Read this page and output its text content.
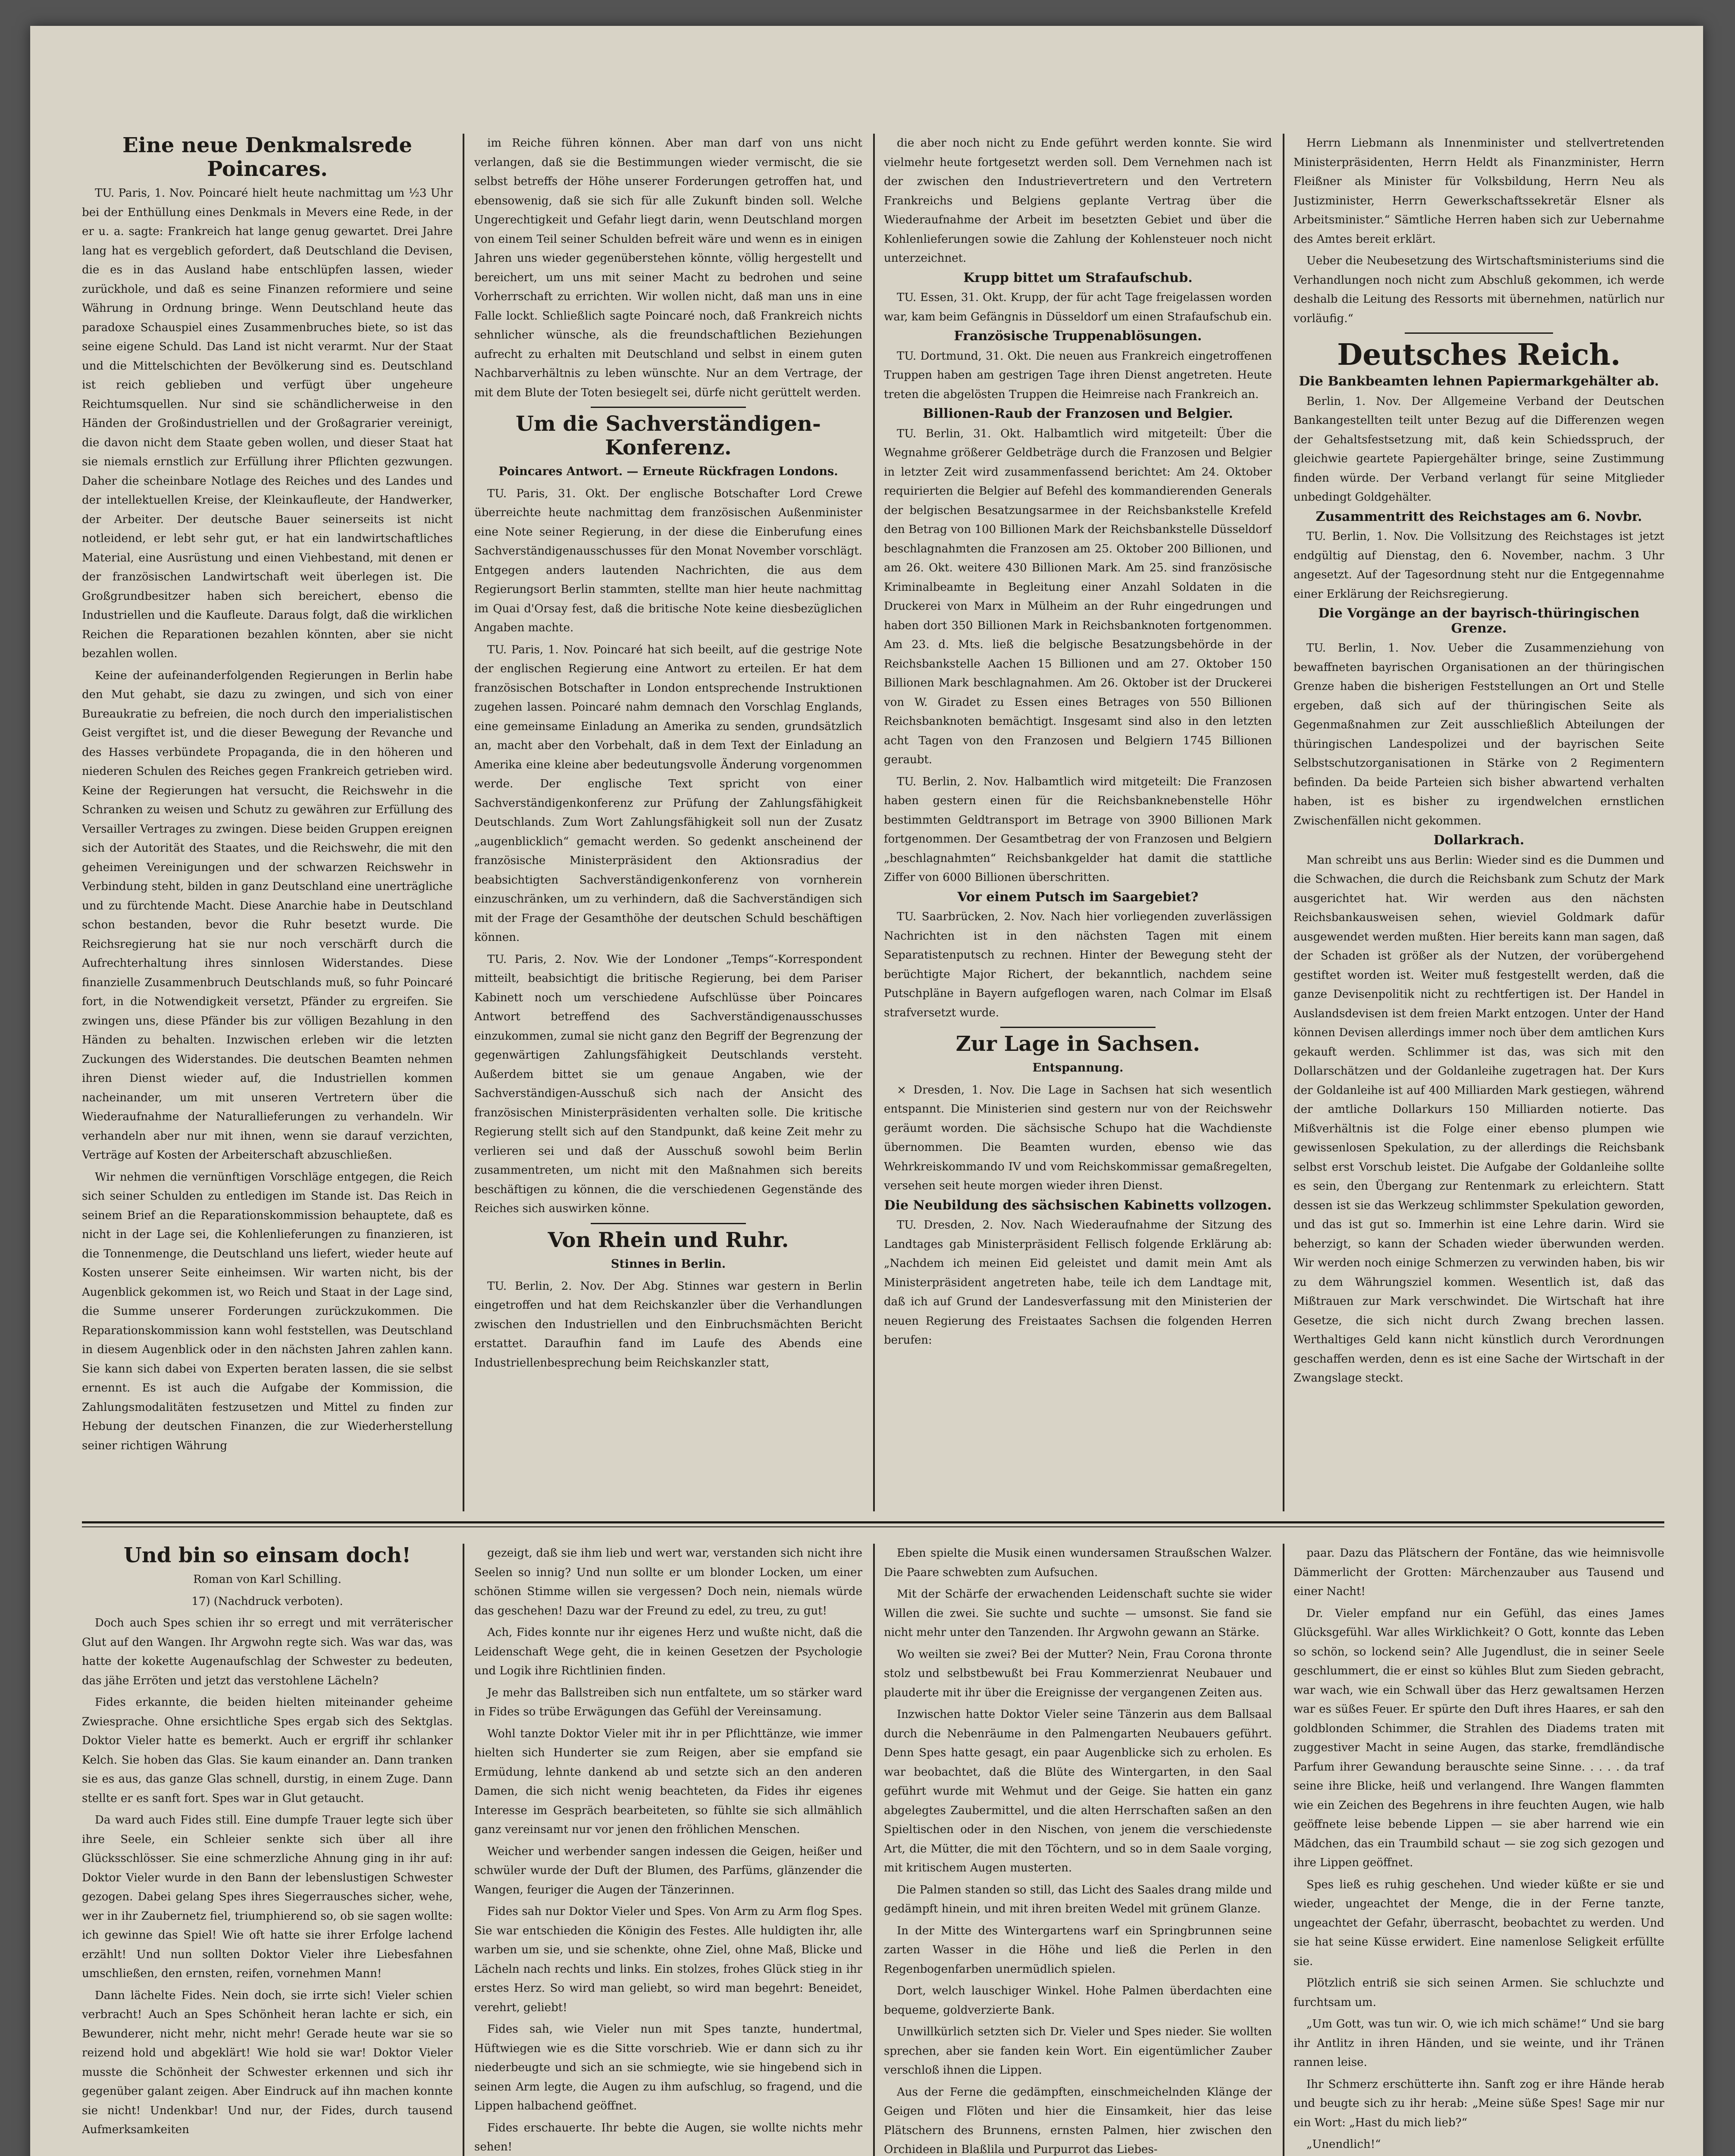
Eine neue Denkmalsrede Poincares.

TU. Paris, 1. Nov. Poincaré hielt heute nachmittag um ½3 Uhr bei der Enthüllung eines Denkmals in Mevers eine Rede, in der er u. a. sagte: Frankreich hat lange genug gewartet. Drei Jahre lang hat es vergeblich gefordert, daß Deutschland die Devisen, die es in das Ausland habe entschlüpfen lassen, wieder zurückhole, und daß es seine Finanzen reformiere und seine Währung in Ordnung bringe. Wenn Deutschland heute das paradoxe Schauspiel eines Zusammenbruches biete, so ist das seine eigene Schuld. Das Land ist nicht verarmt. Nur der Staat und die Mittelschichten der Bevölkerung sind es. Deutschland ist reich geblieben und verfügt über ungeheure Reichtumsquellen. Nur sind sie schändlicherweise in den Händen der Großindustriellen und der Großagrarier vereinigt, die davon nicht dem Staate geben wollen, und dieser Staat hat sie niemals ernstlich zur Erfüllung ihrer Pflichten gezwungen. Daher die scheinbare Notlage des Reiches und des Landes und der intellektuellen Kreise, der Kleinkaufleute, der Handwerker, der Arbeiter. Der deutsche Bauer seinerseits ist nicht notleidend, er lebt sehr gut, er hat ein landwirtschaftliches Material, eine Ausrüstung und einen Viehbestand, mit denen er der französischen Landwirtschaft weit überlegen ist. Die Großgrundbesitzer haben sich bereichert, ebenso die Industriellen und die Kaufleute. Daraus folgt, daß die wirklichen Reichen die Reparationen bezahlen könnten, aber sie nicht bezahlen wollen.

Keine der aufeinanderfolgenden Regierungen in Berlin habe den Mut gehabt, sie dazu zu zwingen, und sich von einer Bureaukratie zu befreien, die noch durch den imperialistischen Geist vergiftet ist, und die dieser Bewegung der Revanche und des Hasses verbündete Propaganda, die in den höheren und niederen Schulen des Reiches gegen Frankreich getrieben wird. Keine der Regierungen hat versucht, die Reichswehr in die Schranken zu weisen und Schutz zu gewähren zur Erfüllung des Versailler Vertrages zu zwingen. Diese beiden Gruppen ereignen sich der Autorität des Staates, und die Reichswehr, die mit den geheimen Vereinigungen und der schwarzen Reichswehr in Verbindung steht, bilden in ganz Deutschland eine unerträgliche und zu fürchtende Macht. Diese Anarchie habe in Deutschland schon bestanden, bevor die Ruhr besetzt wurde. Die Reichsregierung hat sie nur noch verschärft durch die Aufrechterhaltung ihres sinnlosen Widerstandes. Diese finanzielle Zusammenbruch Deutschlands muß, so fuhr Poincaré fort, in die Notwendigkeit versetzt, Pfänder zu ergreifen. Sie zwingen uns, diese Pfänder bis zur völligen Bezahlung in den Händen zu behalten. Inzwischen erleben wir die letzten Zuckungen des Widerstandes. Die deutschen Beamten nehmen ihren Dienst wieder auf, die Industriellen kommen nacheinander, um mit unseren Vertretern über die Wiederaufnahme der Naturallieferungen zu verhandeln. Wir verhandeln aber nur mit ihnen, wenn sie darauf verzichten, Verträge auf Kosten der Arbeiterschaft abzuschließen.

Wir nehmen die vernünftigen Vorschläge entgegen, die Reich sich seiner Schulden zu entledigen im Stande ist. Das Reich in seinem Brief an die Reparationskommission behauptete, daß es nicht in der Lage sei, die Kohlenlieferungen zu finanzieren, ist die Tonnenmenge, die Deutschland uns liefert, wieder heute auf Kosten unserer Seite einheimsen. Wir warten nicht, bis der Augenblick gekommen ist, wo Reich und Staat in der Lage sind, die Summe unserer Forderungen zurückzukommen. Die Reparationskommission kann wohl feststellen, was Deutschland in diesem Augenblick oder in den nächsten Jahren zahlen kann. Sie kann sich dabei von Experten beraten lassen, die sie selbst ernennt. Es ist auch die Aufgabe der Kommission, die Zahlungsmodalitäten festzusetzen und Mittel zu finden zur Hebung der deutschen Finanzen, die zur Wiederherstellung seiner richtigen Währung

im Reiche führen können. Aber man darf von uns nicht verlangen, daß sie die Bestimmungen wieder vermischt, die sie selbst betreffs der Höhe unserer Forderungen getroffen hat, und ebensowenig, daß sie sich für alle Zukunft binden soll. Welche Ungerechtigkeit und Gefahr liegt darin, wenn Deutschland morgen von einem Teil seiner Schulden befreit wäre und wenn es in einigen Jahren uns wieder gegenüberstehen könnte, völlig hergestellt und bereichert, um uns mit seiner Macht zu bedrohen und seine Vorherrschaft zu errichten. Wir wollen nicht, daß man uns in eine Falle lockt. Schließlich sagte Poincaré noch, daß Frankreich nichts sehnlicher wünsche, als die freundschaftlichen Beziehungen aufrecht zu erhalten mit Deutschland und selbst in einem guten Nachbarverhältnis zu leben wünschte. Nur an dem Vertrage, der mit dem Blute der Toten besiegelt sei, dürfe nicht gerüttelt werden.

Um die Sachverständigen-Konferenz.

Poincares Antwort. — Erneute Rückfragen Londons.

TU. Paris, 31. Okt. Der englische Botschafter Lord Crewe überreichte heute nachmittag dem französischen Außenminister eine Note seiner Regierung, in der diese die Einberufung eines Sachverständigenausschusses für den Monat November vorschlägt. Entgegen anders lautenden Nachrichten, die aus dem Regierungsort Berlin stammten, stellte man hier heute nachmittag im Quai d'Orsay fest, daß die britische Note keine diesbezüglichen Angaben machte.

TU. Paris, 1. Nov. Poincaré hat sich beeilt, auf die gestrige Note der englischen Regierung eine Antwort zu erteilen. Er hat dem französischen Botschafter in London entsprechende Instruktionen zugehen lassen. Poincaré nahm demnach den Vorschlag Englands, eine gemeinsame Einladung an Amerika zu senden, grundsätzlich an, macht aber den Vorbehalt, daß in dem Text der Einladung an Amerika eine kleine aber bedeutungsvolle Änderung vorgenommen werde. Der englische Text spricht von einer Sachverständigenkonferenz zur Prüfung der Zahlungsfähigkeit Deutschlands. Zum Wort Zahlungsfähigkeit soll nun der Zusatz „augenblicklich“ gemacht werden. So gedenkt anscheinend der französische Ministerpräsident den Aktionsradius der beabsichtigten Sachverständigenkonferenz von vornherein einzuschränken, um zu verhindern, daß die Sachverständigen sich mit der Frage der Gesamthöhe der deutschen Schuld beschäftigen können.

TU. Paris, 2. Nov. Wie der Londoner „Temps“-Korrespondent mitteilt, beabsichtigt die britische Regierung, bei dem Pariser Kabinett noch um verschiedene Aufschlüsse über Poincares Antwort betreffend des Sachverständigenausschusses einzukommen, zumal sie nicht ganz den Begriff der Begrenzung der gegenwärtigen Zahlungsfähigkeit Deutschlands versteht. Außerdem bittet sie um genaue Angaben, wie der Sachverständigen-Ausschuß sich nach der Ansicht des französischen Ministerpräsidenten verhalten solle. Die kritische Regierung stellt sich auf den Standpunkt, daß keine Zeit mehr zu verlieren sei und daß der Ausschuß sowohl beim Berlin zusammentreten, um nicht mit den Maßnahmen sich bereits beschäftigen zu können, die die verschiedenen Gegenstände des Reiches sich auswirken könne.

Von Rhein und Ruhr.

Stinnes in Berlin.

TU. Berlin, 2. Nov. Der Abg. Stinnes war gestern in Berlin eingetroffen und hat dem Reichskanzler über die Verhandlungen zwischen den Industriellen und den Einbruchsmächten Bericht erstattet. Daraufhin fand im Laufe des Abends eine Industriellenbesprechung beim Reichskanzler statt,

die aber noch nicht zu Ende geführt werden konnte. Sie wird vielmehr heute fortgesetzt werden soll. Dem Vernehmen nach ist der zwischen den Industrievertretern und den Vertretern Frankreichs und Belgiens geplante Vertrag über die Wiederaufnahme der Arbeit im besetzten Gebiet und über die Kohlenlieferungen sowie die Zahlung der Kohlensteuer noch nicht unterzeichnet.

Krupp bittet um Strafaufschub.

TU. Essen, 31. Okt. Krupp, der für acht Tage freigelassen worden war, kam beim Gefängnis in Düsseldorf um einen Strafaufschub ein.

Französische Truppenablösungen.

TU. Dortmund, 31. Okt. Die neuen aus Frankreich eingetroffenen Truppen haben am gestrigen Tage ihren Dienst angetreten. Heute treten die abgelösten Truppen die Heimreise nach Frankreich an.

Billionen-Raub der Franzosen und Belgier.

TU. Berlin, 31. Okt. Halbamtlich wird mitgeteilt: Über die Wegnahme größerer Geldbeträge durch die Franzosen und Belgier in letzter Zeit wird zusammenfassend berichtet: Am 24. Oktober requirierten die Belgier auf Befehl des kommandierenden Generals der belgischen Besatzungsarmee in der Reichsbankstelle Krefeld den Betrag von 100 Billionen Mark der Reichsbankstelle Düsseldorf beschlagnahmten die Franzosen am 25. Oktober 200 Billionen, und am 26. Okt. weitere 430 Billionen Mark. Am 25. sind französische Kriminalbeamte in Begleitung einer Anzahl Soldaten in die Druckerei von Marx in Mülheim an der Ruhr eingedrungen und haben dort 350 Billionen Mark in Reichsbanknoten fortgenommen. Am 23. d. Mts. ließ die belgische Besatzungsbehörde in der Reichsbankstelle Aachen 15 Billionen und am 27. Oktober 150 Billionen Mark beschlagnahmen. Am 26. Oktober ist der Druckerei von W. Giradet zu Essen eines Betrages von 550 Billionen Reichsbanknoten bemächtigt. Insgesamt sind also in den letzten acht Tagen von den Franzosen und Belgiern 1745 Billionen geraubt.

TU. Berlin, 2. Nov. Halbamtlich wird mitgeteilt: Die Franzosen haben gestern einen für die Reichsbanknebenstelle Höhr bestimmten Geldtransport im Betrage von 3900 Billionen Mark fortgenommen. Der Gesamtbetrag der von Franzosen und Belgiern „beschlagnahmten“ Reichsbankgelder hat damit die stattliche Ziffer von 6000 Billionen überschritten.

Vor einem Putsch im Saargebiet?

TU. Saarbrücken, 2. Nov. Nach hier vorliegenden zuverlässigen Nachrichten ist in den nächsten Tagen mit einem Separatistenputsch zu rechnen. Hinter der Bewegung steht der berüchtigte Major Richert, der bekanntlich, nachdem seine Putschpläne in Bayern aufgeflogen waren, nach Colmar im Elsaß strafversetzt wurde.

Zur Lage in Sachsen.

Entspannung.

× Dresden, 1. Nov. Die Lage in Sachsen hat sich wesentlich entspannt. Die Ministerien sind gestern nur von der Reichswehr geräumt worden. Die sächsische Schupo hat die Wachdienste übernommen. Die Beamten wurden, ebenso wie das Wehrkreiskommando IV und vom Reichskommissar gemaßregelten, versehen seit heute morgen wieder ihren Dienst.

Die Neubildung des sächsischen Kabinetts vollzogen.

TU. Dresden, 2. Nov. Nach Wiederaufnahme der Sitzung des Landtages gab Ministerpräsident Fellisch folgende Erklärung ab: „Nachdem ich meinen Eid geleistet und damit mein Amt als Ministerpräsident angetreten habe, teile ich dem Landtage mit, daß ich auf Grund der Landesverfassung mit den Ministerien der neuen Regierung des Freistaates Sachsen die folgenden Herren berufen:

Herrn Liebmann als Innenminister und stellvertretenden Ministerpräsidenten, Herrn Heldt als Finanzminister, Herrn Fleißner als Minister für Volksbildung, Herrn Neu als Justizminister, Herrn Gewerkschaftssekretär Elsner als Arbeitsminister.“ Sämtliche Herren haben sich zur Uebernahme des Amtes bereit erklärt.

Ueber die Neubesetzung des Wirtschaftsministeriums sind die Verhandlungen noch nicht zum Abschluß gekommen, ich werde deshalb die Leitung des Ressorts mit übernehmen, natürlich nur vorläufig.“

Deutsches Reich.

Die Bankbeamten lehnen Papiermarkgehälter ab.

Berlin, 1. Nov. Der Allgemeine Verband der Deutschen Bankangestellten teilt unter Bezug auf die Differenzen wegen der Gehaltsfestsetzung mit, daß kein Schiedsspruch, der gleichwie geartete Papiergehälter bringe, seine Zustimmung finden würde. Der Verband verlangt für seine Mitglieder unbedingt Goldgehälter.

Zusammentritt des Reichstages am 6. Novbr.

TU. Berlin, 1. Nov. Die Vollsitzung des Reichstages ist jetzt endgültig auf Dienstag, den 6. November, nachm. 3 Uhr angesetzt. Auf der Tagesordnung steht nur die Entgegennahme einer Erklärung der Reichsregierung.

Die Vorgänge an der bayrisch-thüringischen Grenze.

TU. Berlin, 1. Nov. Ueber die Zusammenziehung von bewaffneten bayrischen Organisationen an der thüringischen Grenze haben die bisherigen Feststellungen an Ort und Stelle ergeben, daß sich auf der thüringischen Seite als Gegenmaßnahmen zur Zeit ausschließlich Abteilungen der thüringischen Landespolizei und der bayrischen Seite Selbstschutzorganisationen in Stärke von 2 Regimentern befinden. Da beide Parteien sich bisher abwartend verhalten haben, ist es bisher zu irgendwelchen ernstlichen Zwischenfällen nicht gekommen.

Dollarkrach.

Man schreibt uns aus Berlin: Wieder sind es die Dummen und die Schwachen, die durch die Reichsbank zum Schutz der Mark ausgerichtet hat. Wir werden aus den nächsten Reichsbankausweisen sehen, wieviel Goldmark dafür ausgewendet werden mußten. Hier bereits kann man sagen, daß der Schaden ist größer als der Nutzen, der vorübergehend gestiftet worden ist. Weiter muß festgestellt werden, daß die ganze Devisenpolitik nicht zu rechtfertigen ist. Der Handel in Auslandsdevisen ist dem freien Markt entzogen. Unter der Hand können Devisen allerdings immer noch über dem amtlichen Kurs gekauft werden. Schlimmer ist das, was sich mit den Dollarschätzen und der Goldanleihe zugetragen hat. Der Kurs der Goldanleihe ist auf 400 Milliarden Mark gestiegen, während der amtliche Dollarkurs 150 Milliarden notierte. Das Mißverhältnis ist die Folge einer ebenso plumpen wie gewissenlosen Spekulation, zu der allerdings die Reichsbank selbst erst Vorschub leistet. Die Aufgabe der Goldanleihe sollte es sein, den Übergang zur Rentenmark zu erleichtern. Statt dessen ist sie das Werkzeug schlimmster Spekulation geworden, und das ist gut so. Immerhin ist eine Lehre darin. Wird sie beherzigt, so kann der Schaden wieder überwunden werden. Wir werden noch einige Schmerzen zu verwinden haben, bis wir zu dem Währungsziel kommen. Wesentlich ist, daß das Mißtrauen zur Mark verschwindet. Die Wirtschaft hat ihre Gesetze, die sich nicht durch Zwang brechen lassen. Werthaltiges Geld kann nicht künstlich durch Verordnungen geschaffen werden, denn es ist eine Sache der Wirtschaft in der Zwangslage steckt.

Und bin so einsam doch!

Roman von Karl Schilling.

17) (Nachdruck verboten).

Doch auch Spes schien ihr so erregt und mit verräterischer Glut auf den Wangen. Ihr Argwohn regte sich. Was war das, was hatte der kokette Augenaufschlag der Schwester zu bedeuten, das jähe Erröten und jetzt das verstohlene Lächeln?

Fides erkannte, die beiden hielten miteinander geheime Zwiesprache. Ohne ersichtliche Spes ergab sich des Sektglas. Doktor Vieler hatte es bemerkt. Auch er ergriff ihr schlanker Kelch. Sie hoben das Glas. Sie kaum einander an. Dann tranken sie es aus, das ganze Glas schnell, durstig, in einem Zuge. Dann stellte er es sanft fort. Spes war in Glut getaucht.

Da ward auch Fides still. Eine dumpfe Trauer legte sich über ihre Seele, ein Schleier senkte sich über all ihre Glücksschlösser. Sie eine schmerzliche Ahnung ging in ihr auf: Doktor Vieler wurde in den Bann der lebenslustigen Schwester gezogen. Dabei gelang Spes ihres Siegerrausches sicher, wehe, wer in ihr Zaubernetz fiel, triumphierend so, ob sie sagen wollte: ich gewinne das Spiel! Wie oft hatte sie ihrer Erfolge lachend erzählt! Und nun sollten Doktor Vieler ihre Liebesfahnen umschließen, den ernsten, reifen, vornehmen Mann!

Dann lächelte Fides. Nein doch, sie irrte sich! Vieler schien verbracht! Auch an Spes Schönheit heran lachte er sich, ein Bewunderer, nicht mehr, nicht mehr! Gerade heute war sie so reizend hold und abgeklärt! Wie hold sie war! Doktor Vieler musste die Schönheit der Schwester erkennen und sich ihr gegenüber galant zeigen. Aber Eindruck auf ihn machen konnte sie nicht! Undenkbar! Und nur, der Fides, durch tausend Aufmerksamkeiten

gezeigt, daß sie ihm lieb und wert war, verstanden sich nicht ihre Seelen so innig? Und nun sollte er um blonder Locken, um einer schönen Stimme willen sie vergessen? Doch nein, niemals würde das geschehen! Dazu war der Freund zu edel, zu treu, zu gut!

Ach, Fides konnte nur ihr eigenes Herz und wußte nicht, daß die Leidenschaft Wege geht, die in keinen Gesetzen der Psychologie und Logik ihre Richtlinien finden.

Je mehr das Ballstreiben sich nun entfaltete, um so stärker ward in Fides so trübe Erwägungen das Gefühl der Vereinsamung.

Wohl tanzte Doktor Vieler mit ihr in per Pflichttänze, wie immer hielten sich Hunderter sie zum Reigen, aber sie empfand sie Ermüdung, lehnte dankend ab und setzte sich an den anderen Damen, die sich nicht wenig beachteten, da Fides ihr eigenes Interesse im Gespräch bearbeiteten, so fühlte sie sich allmählich ganz vereinsamt nur vor jenen den fröhlichen Menschen.

Weicher und werbender sangen indessen die Geigen, heißer und schwüler wurde der Duft der Blumen, des Parfüms, glänzender die Wangen, feuriger die Augen der Tänzerinnen.

Fides sah nur Doktor Vieler und Spes. Von Arm zu Arm flog Spes. Sie war entschieden die Königin des Festes. Alle huldigten ihr, alle warben um sie, und sie schenkte, ohne Ziel, ohne Maß, Blicke und Lächeln nach rechts und links. Ein stolzes, frohes Glück stieg in ihr erstes Herz. So wird man geliebt, so wird man begehrt: Beneidet, verehrt, geliebt!

Fides sah, wie Vieler nun mit Spes tanzte, hundertmal, Hüftwiegen wie es die Sitte vorschrieb. Wie er dann sich zu ihr niederbeugte und sich an sie schmiegte, wie sie hingebend sich in seinen Arm legte, die Augen zu ihm aufschlug, so fragend, und die Lippen halbachend geöffnet.

Fides erschauerte. Ihr bebte die Augen, sie wollte nichts mehr sehen!

Eben spielte die Musik einen wundersamen Straußschen Walzer. Die Paare schwebten zum Aufsuchen.

Mit der Schärfe der erwachenden Leidenschaft suchte sie wider Willen die zwei. Sie suchte und suchte — umsonst. Sie fand sie nicht mehr unter den Tanzenden. Ihr Argwohn gewann an Stärke.

Wo weilten sie zwei? Bei der Mutter? Nein, Frau Corona thronte stolz und selbstbewußt bei Frau Kommerzienrat Neubauer und plauderte mit ihr über die Ereignisse der vergangenen Zeiten aus.

Inzwischen hatte Doktor Vieler seine Tänzerin aus dem Ballsaal durch die Nebenräume in den Palmengarten Neubauers geführt. Denn Spes hatte gesagt, ein paar Augenblicke sich zu erholen. Es war beobachtet, daß die Blüte des Wintergarten, in den Saal geführt wurde mit Wehmut und der Geige. Sie hatten ein ganz abgelegtes Zaubermittel, und die alten Herrschaften saßen an den Spieltischen oder in den Nischen, von jenem die verschiedenste Art, die Mütter, die mit den Töchtern, und so in dem Saale vorging, mit kritischem Augen musterten.

Die Palmen standen so still, das Licht des Saales drang milde und gedämpft hinein, und mit ihren breiten Wedel mit grünem Glanze.

In der Mitte des Wintergartens warf ein Springbrunnen seine zarten Wasser in die Höhe und ließ die Perlen in den Regenbogenfarben unermüdlich spielen.

Dort, welch lauschiger Winkel. Hohe Palmen überdachten eine bequeme, goldverzierte Bank.

Unwillkürlich setzten sich Dr. Vieler und Spes nieder. Sie wollten sprechen, aber sie fanden kein Wort. Ein eigentümlicher Zauber verschloß ihnen die Lippen.

Aus der Ferne die gedämpften, einschmeichelnden Klänge der Geigen und Flöten und hier die Einsamkeit, hier das leise Plätschern des Brunnens, ernsten Palmen, hier zwischen den Orchideen in Blaßlila und Purpurrot das Liebes-

paar. Dazu das Plätschern der Fontäne, das wie heimnisvolle Dämmerlicht der Grotten: Märchenzauber aus Tausend und einer Nacht!

Dr. Vieler empfand nur ein Gefühl, das eines James Glücksgefühl. War alles Wirklichkeit? O Gott, konnte das Leben so schön, so lockend sein? Alle Jugendlust, die in seiner Seele geschlummert, die er einst so kühles Blut zum Sieden gebracht, war wach, wie ein Schwall über das Herz gewaltsamen Herzen war es süßes Feuer. Er spürte den Duft ihres Haares, er sah den goldblonden Schimmer, die Strahlen des Diadems traten mit zuggestiver Macht in seine Augen, das starke, fremdländische Parfum ihrer Gewandung berauschte seine Sinne. . . . . da traf seine ihre Blicke, heiß und verlangend. Ihre Wangen flammten wie ein Zeichen des Begehrens in ihre feuchten Augen, wie halb geöffnete leise bebende Lippen — sie aber harrend wie ein Mädchen, das ein Traumbild schaut — sie zog sich gezogen und ihre Lippen geöffnet.

Spes ließ es ruhig geschehen. Und wieder küßte er sie und wieder, ungeachtet der Menge, die in der Ferne tanzte, ungeachtet der Gefahr, überrascht, beobachtet zu werden. Und sie hat seine Küsse erwidert. Eine namenlose Seligkeit erfüllte sie.

Plötzlich entriß sie sich seinen Armen. Sie schluchzte und furchtsam um.

„Um Gott, was tun wir. O, wie ich mich schäme!“ Und sie barg ihr Antlitz in ihren Händen, und sie weinte, und ihr Tränen rannen leise.

Ihr Schmerz erschütterte ihn. Sanft zog er ihre Hände herab und beugte sich zu ihr herab: „Meine süße Spes! Sage mir nur ein Wort: „Hast du mich lieb?“

„Unendlich!“
